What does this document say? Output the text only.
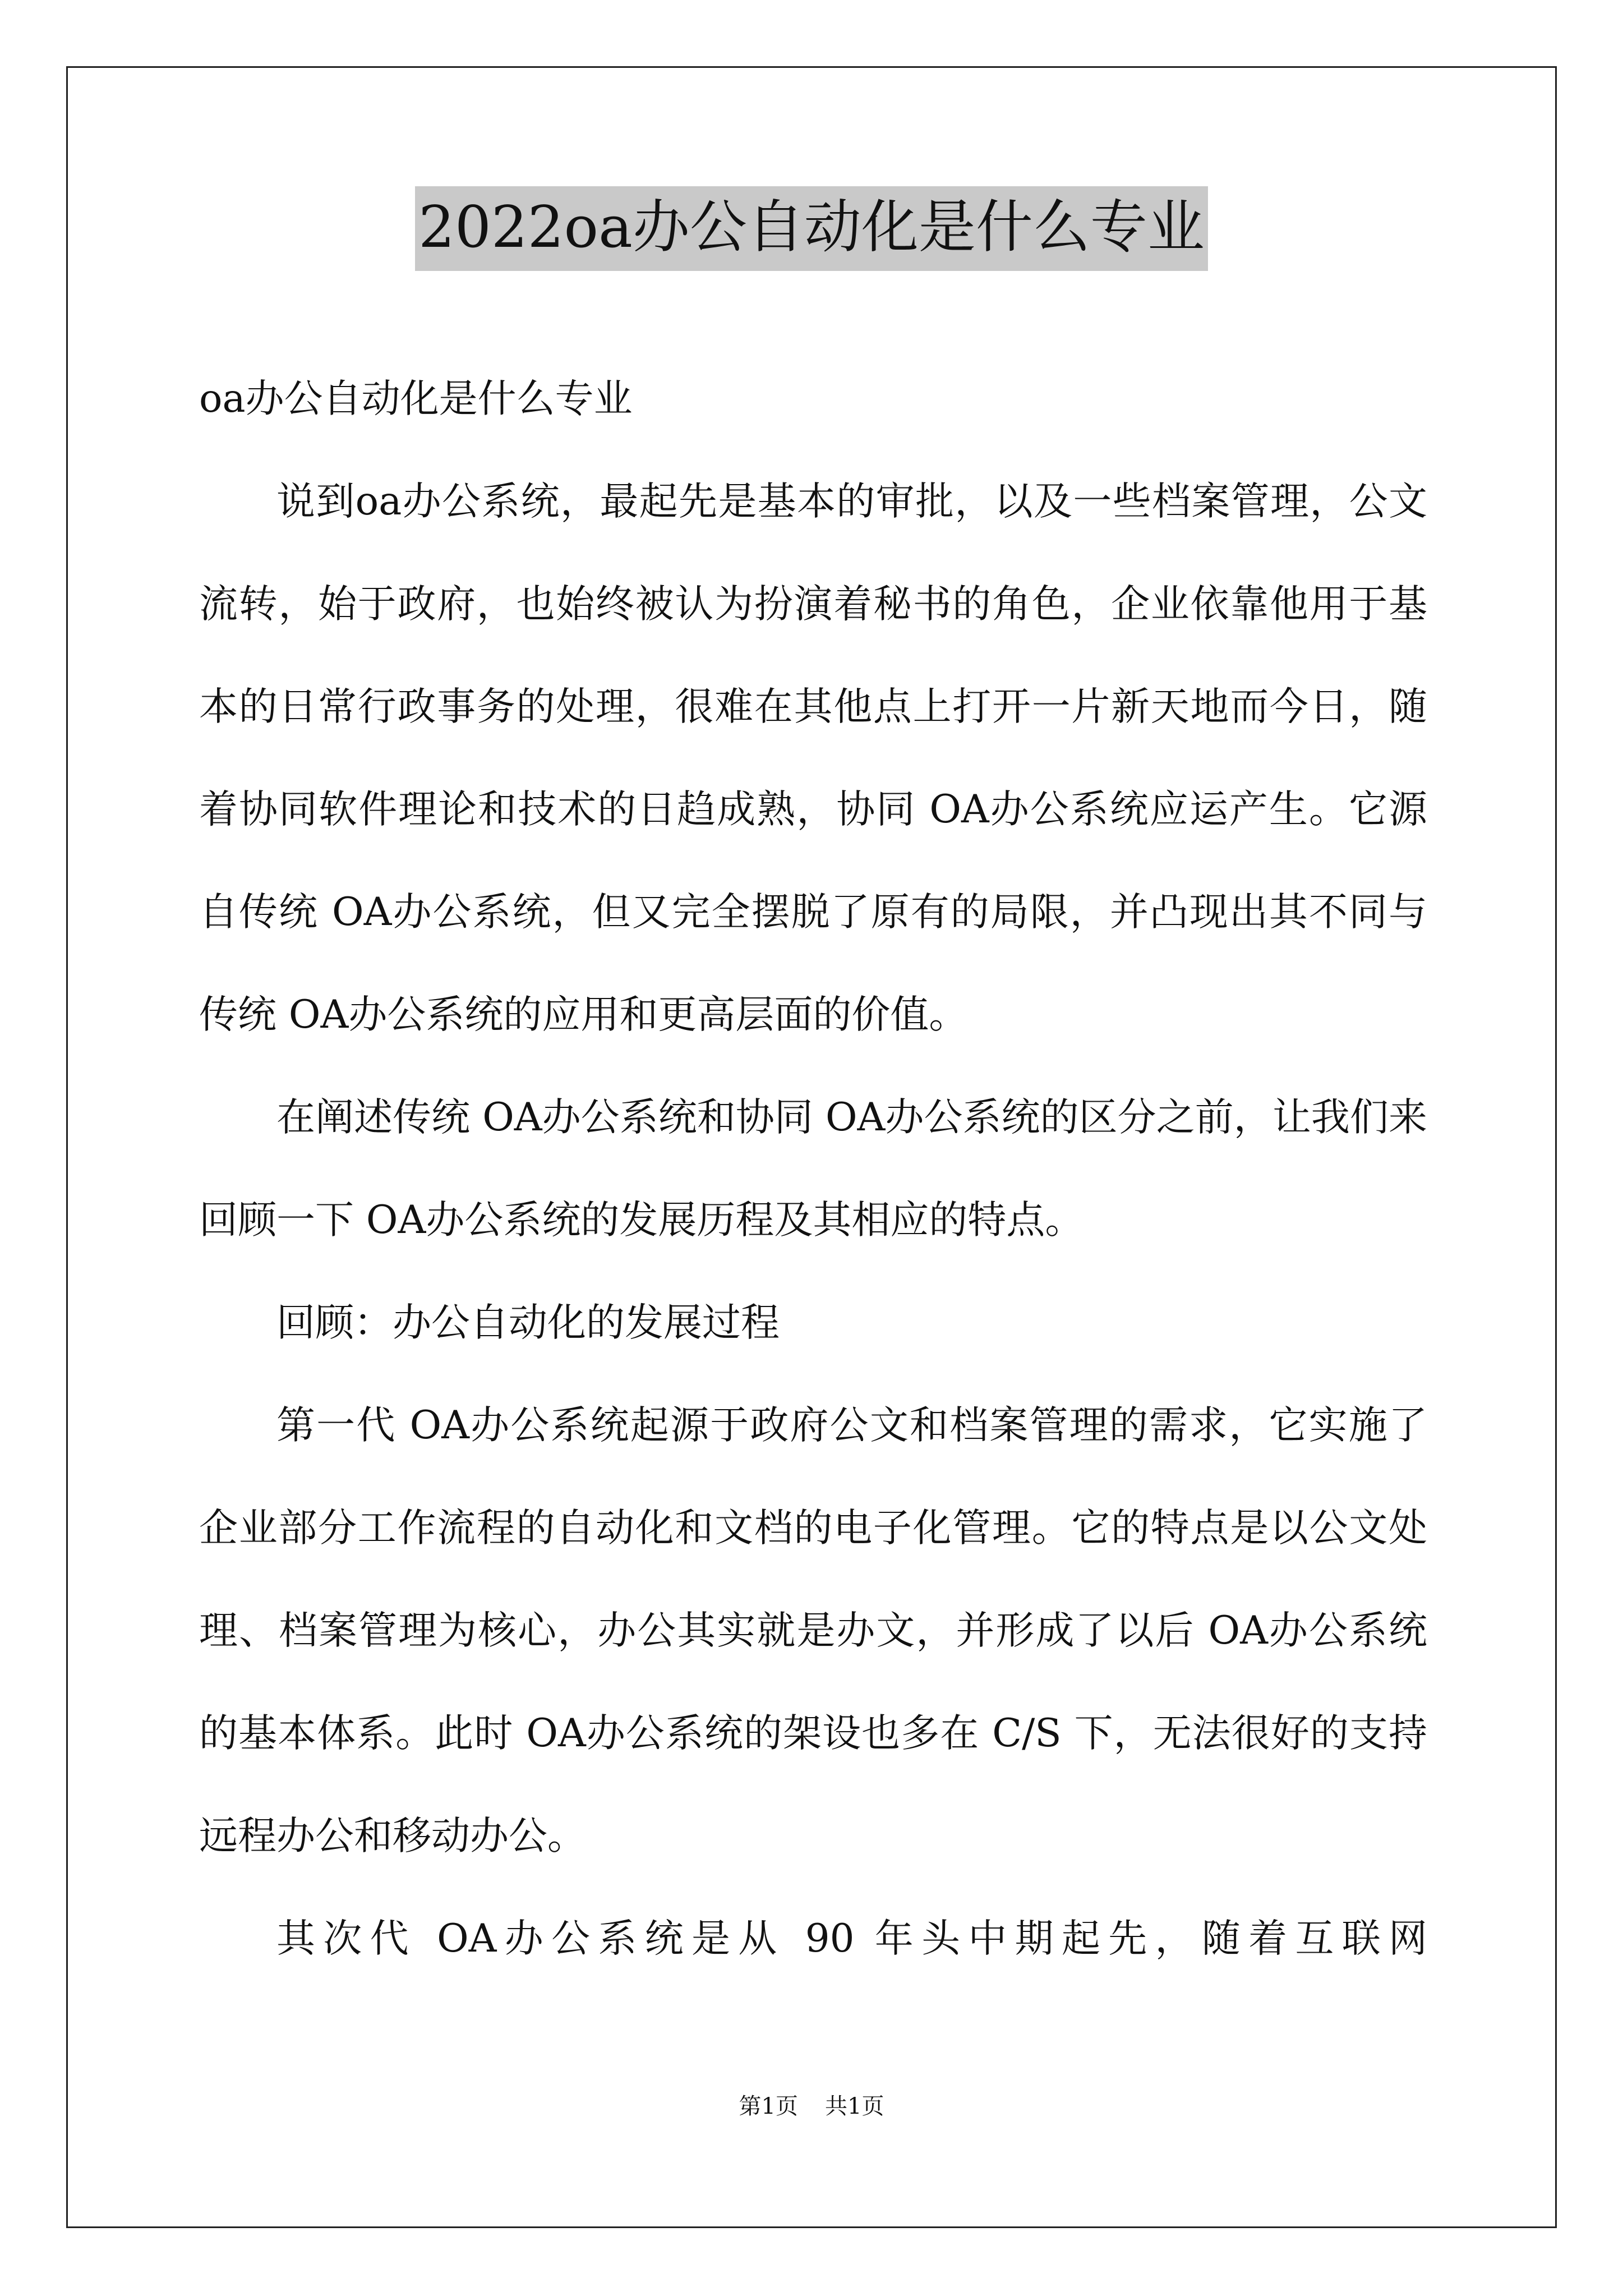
2022oa办公自动化是什么专业

oa办公自动化是什么专业

说到oa办公系统，最起先是基本的审批，以及一些档案管理，公文流转，始于政府，也始终被认为扮演着秘书的角色，企业依靠他用于基本的日常行政事务的处理，很难在其他点上打开一片新天地而今日，随着协同软件理论和技术的日趋成熟，协同 OA办公系统应运产生。它源自传统 OA办公系统，但又完全摆脱了原有的局限，并凸现出其不同与传统 OA办公系统的应用和更高层面的价值。

在阐述传统 OA办公系统和协同 OA办公系统的区分之前，让我们来回顾一下 OA办公系统的发展历程及其相应的特点。

回顾：办公自动化的发展过程

第一代 OA办公系统起源于政府公文和档案管理的需求，它实施了企业部分工作流程的自动化和文档的电子化管理。它的特点是以公文处理、档案管理为核心，办公其实就是办文，并形成了以后 OA办公系统的基本体系。此时 OA办公系统的架设也多在 C/S 下，无法很好的支持远程办公和移动办公。

其次代 OA办公系统是从 90 年头中期起先，随着互联网

第1页 共1页
